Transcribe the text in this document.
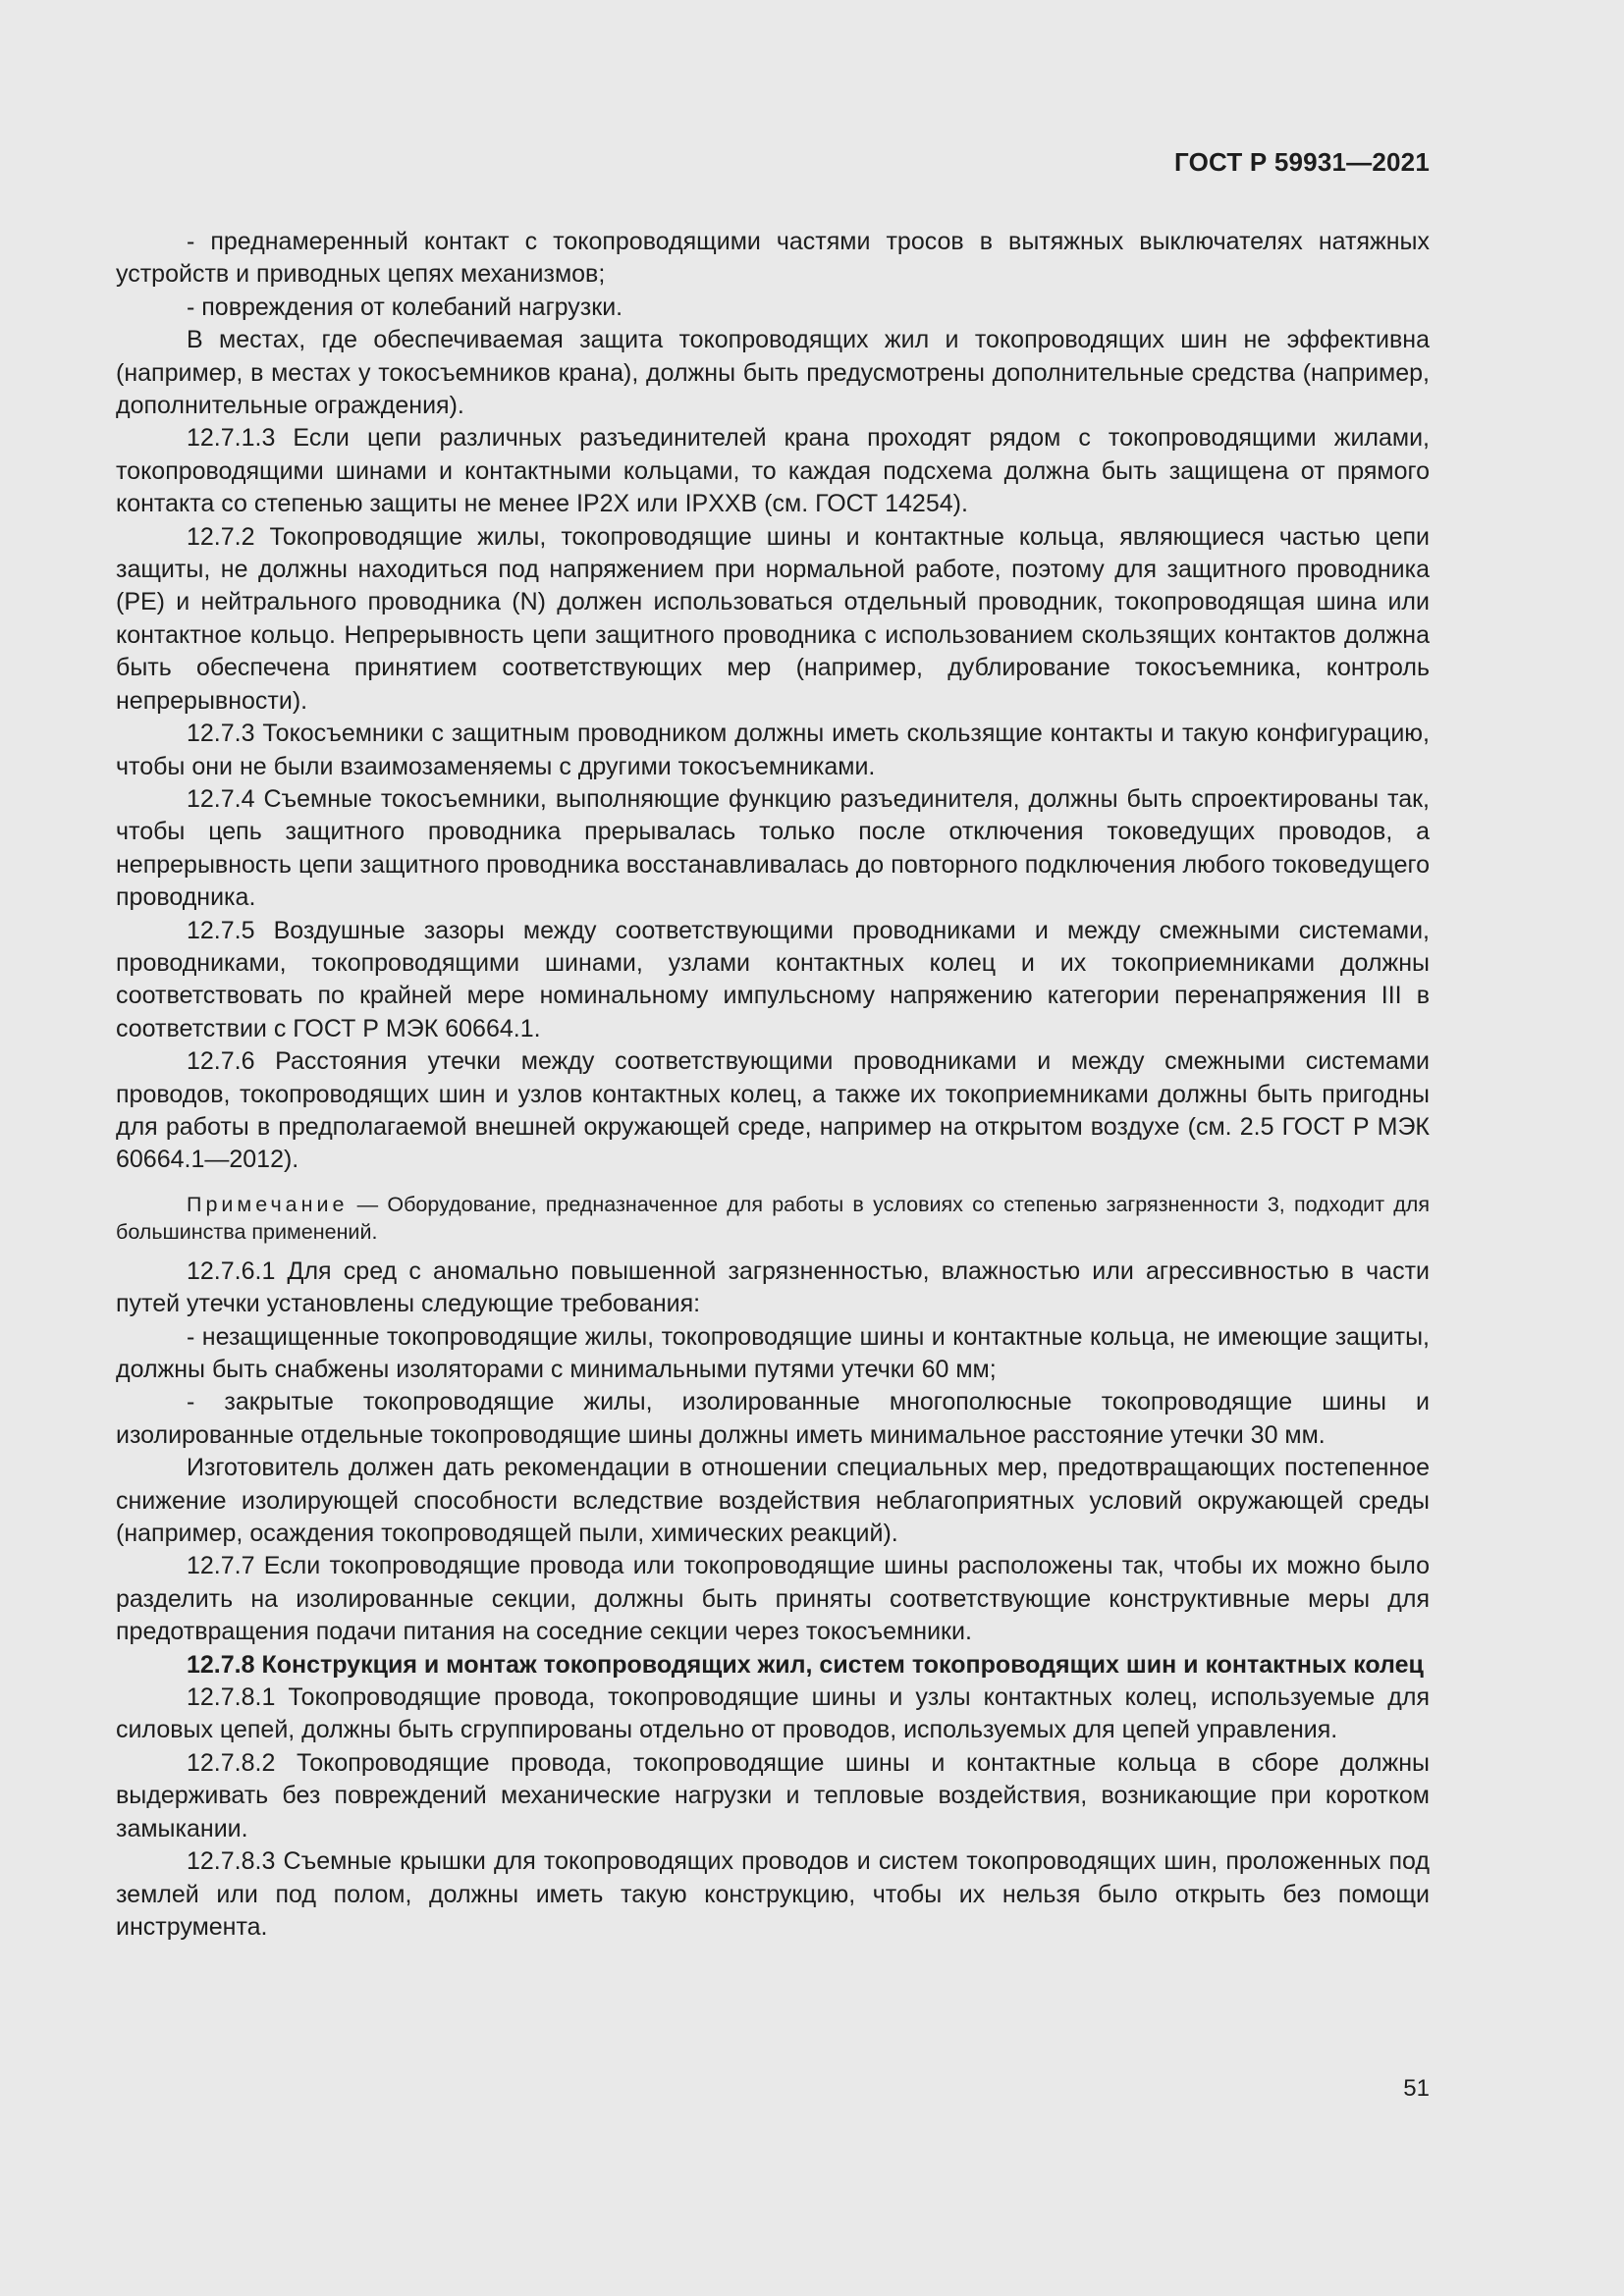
ГОСТ Р 59931—2021

- преднамеренный контакт с токопроводящими частями тросов в вытяжных выключателях натяжных устройств и приводных цепях механизмов;

- повреждения от колебаний нагрузки.

В местах, где обеспечиваемая защита токопроводящих жил и токопроводящих шин не эффективна (например, в местах у токосъемников крана), должны быть предусмотрены дополнительные средства (например, дополнительные ограждения).

12.7.1.3 Если цепи различных разъединителей крана проходят рядом с токопроводящими жилами, токопроводящими шинами и контактными кольцами, то каждая подсхема должна быть защищена от прямого контакта со степенью защиты не менее IP2X или IPXXB (см. ГОСТ 14254).

12.7.2 Токопроводящие жилы, токопроводящие шины и контактные кольца, являющиеся частью цепи защиты, не должны находиться под напряжением при нормальной работе, поэтому для защитного проводника (PE) и нейтрального проводника (N) должен использоваться отдельный проводник, токопроводящая шина или контактное кольцо. Непрерывность цепи защитного проводника с использованием скользящих контактов должна быть обеспечена принятием соответствующих мер (например, дублирование токосъемника, контроль непрерывности).

12.7.3 Токосъемники с защитным проводником должны иметь скользящие контакты и такую конфигурацию, чтобы они не были взаимозаменяемы с другими токосъемниками.

12.7.4 Съемные токосъемники, выполняющие функцию разъединителя, должны быть спроектированы так, чтобы цепь защитного проводника прерывалась только после отключения токоведущих проводов, а непрерывность цепи защитного проводника восстанавливалась до повторного подключения любого токоведущего проводника.

12.7.5 Воздушные зазоры между соответствующими проводниками и между смежными системами, проводниками, токопроводящими шинами, узлами контактных колец и их токоприемниками должны соответствовать по крайней мере номинальному импульсному напряжению категории перенапряжения III в соответствии с ГОСТ Р МЭК 60664.1.

12.7.6 Расстояния утечки между соответствующими проводниками и между смежными системами проводов, токопроводящих шин и узлов контактных колец, а также их токоприемниками должны быть пригодны для работы в предполагаемой внешней окружающей среде, например на открытом воздухе (см. 2.5 ГОСТ Р МЭК 60664.1—2012).

Примечание — Оборудование, предназначенное для работы в условиях со степенью загрязненности 3, подходит для большинства применений.

12.7.6.1 Для сред с аномально повышенной загрязненностью, влажностью или агрессивностью в части путей утечки установлены следующие требования:

- незащищенные токопроводящие жилы, токопроводящие шины и контактные кольца, не имеющие защиты, должны быть снабжены изоляторами с минимальными путями утечки 60 мм;

- закрытые токопроводящие жилы, изолированные многополюсные токопроводящие шины и изолированные отдельные токопроводящие шины должны иметь минимальное расстояние утечки 30 мм.

Изготовитель должен дать рекомендации в отношении специальных мер, предотвращающих постепенное снижение изолирующей способности вследствие воздействия неблагоприятных условий окружающей среды (например, осаждения токопроводящей пыли, химических реакций).

12.7.7 Если токопроводящие провода или токопроводящие шины расположены так, чтобы их можно было разделить на изолированные секции, должны быть приняты соответствующие конструктивные меры для предотвращения подачи питания на соседние секции через токосъемники.

12.7.8 Конструкция и монтаж токопроводящих жил, систем токопроводящих шин и контактных колец

12.7.8.1 Токопроводящие провода, токопроводящие шины и узлы контактных колец, используемые для силовых цепей, должны быть сгруппированы отдельно от проводов, используемых для цепей управления.

12.7.8.2 Токопроводящие провода, токопроводящие шины и контактные кольца в сборе должны выдерживать без повреждений механические нагрузки и тепловые воздействия, возникающие при коротком замыкании.

12.7.8.3 Съемные крышки для токопроводящих проводов и систем токопроводящих шин, проложенных под землей или под полом, должны иметь такую конструкцию, чтобы их нельзя было открыть без помощи инструмента.

51
